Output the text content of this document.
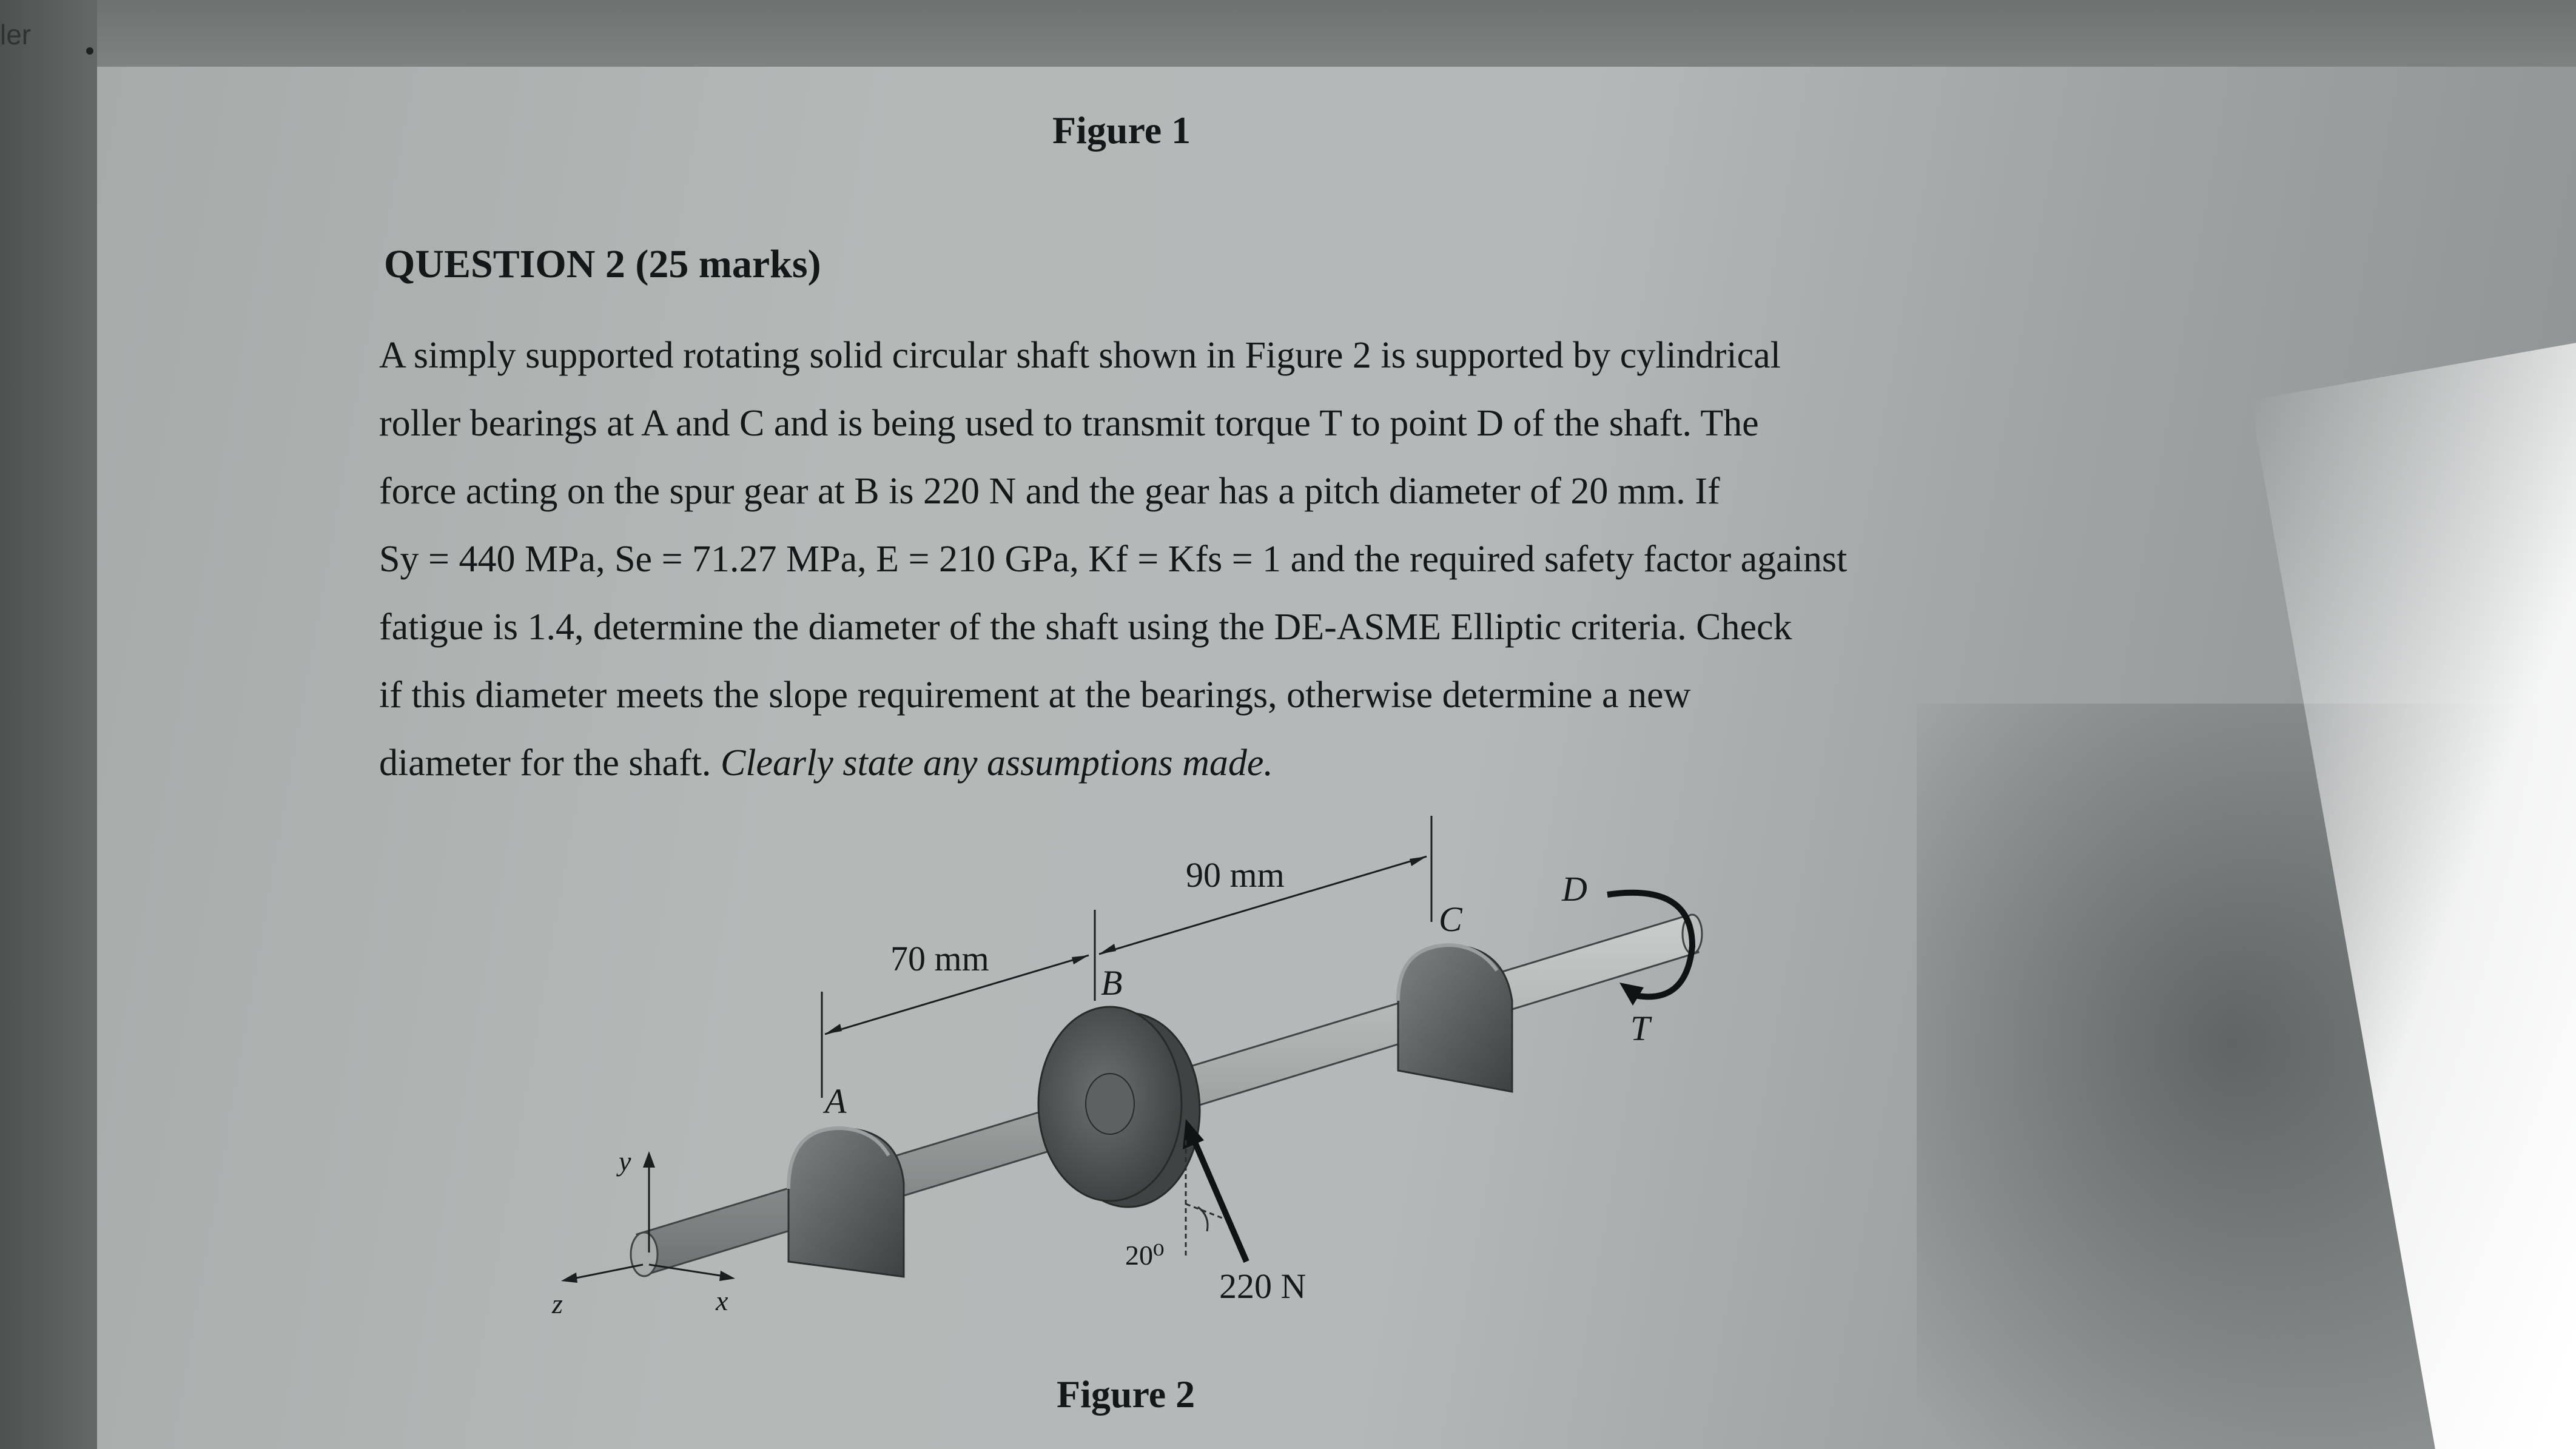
ler
Figure 1
QUESTION 2 (25 marks)
A simply supported rotating solid circular shaft shown in Figure 2 is supported by cylindrical
roller bearings at A and C and is being used to transmit torque T to point D of the shaft. The
force acting on the spur gear at B is 220 N and the gear has a pitch diameter of 20 mm. If
Sy = 440 MPa, Se = 71.27 MPa, E = 210 GPa, Kf = Kfs = 1 and the required safety factor against
fatigue is 1.4, determine the diameter of the shaft using the DE-ASME Elliptic criteria. Check
if this diameter meets the slope requirement at the bearings, otherwise determine a new
diameter for the shaft. Clearly state any assumptions made.
70 mm
90 mm
A
B
C
D
T
220 N
20⁰
y
x
z
Figure 2
